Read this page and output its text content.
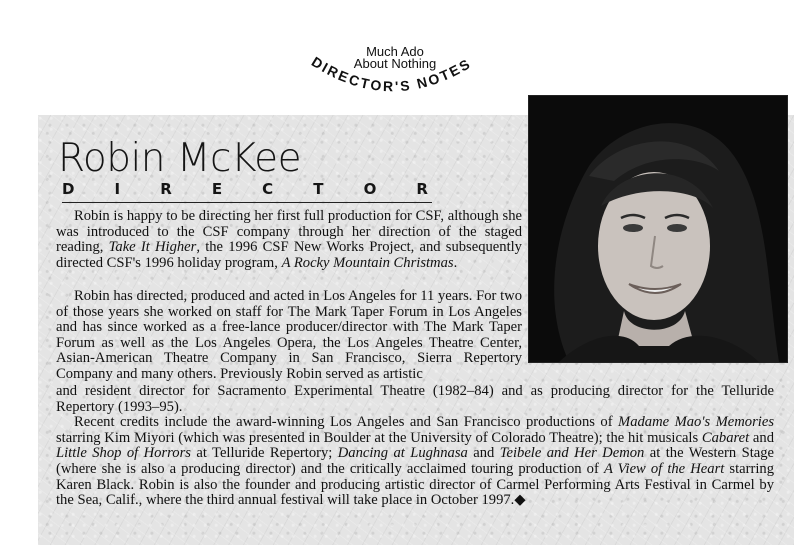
Much Ado
About Nothing
DIRECTOR'S NOTES
Robin McKee
D	I	R	E	C	T	O	R

Robin is happy to be directing her first full production for CSF, although she was introduced to the CSF company through her direction of the staged reading, Take It Higher, the 1996 CSF New Works Project, and subsequently directed CSF's 1996 holiday program, A Rocky Mountain Christmas.

Robin has directed, produced and acted in Los Angeles for 11 years. For two of those years she worked on staff for The Mark Taper Forum in Los Angeles and has since worked as a free-lance producer/director with The Mark Taper Forum as well as the Los Angeles Opera, the Los Angeles Theatre Center, Asian-American Theatre Company in San Francisco, Sierra Repertory Company and many others. Previously Robin served as artistic

and resident director for Sacramento Experimental Theatre (1982–84) and as producing director for the Telluride Repertory (1993–95).

Recent credits include the award-winning Los Angeles and San Francisco productions of Madame Mao's Memories starring Kim Miyori (which was presented in Boulder at the University of Colorado Theatre); the hit musicals Cabaret and Little Shop of Horrors at Telluride Repertory; Dancing at Lughnasa and Teibele and Her Demon at the Western Stage (where she is also a producing director) and the critically acclaimed touring production of A View of the Heart starring Karen Black. Robin is also the founder and producing artistic director of Carmel Performing Arts Festival in Carmel by the Sea, Calif., where the third annual festival will take place in October 1997.◆
